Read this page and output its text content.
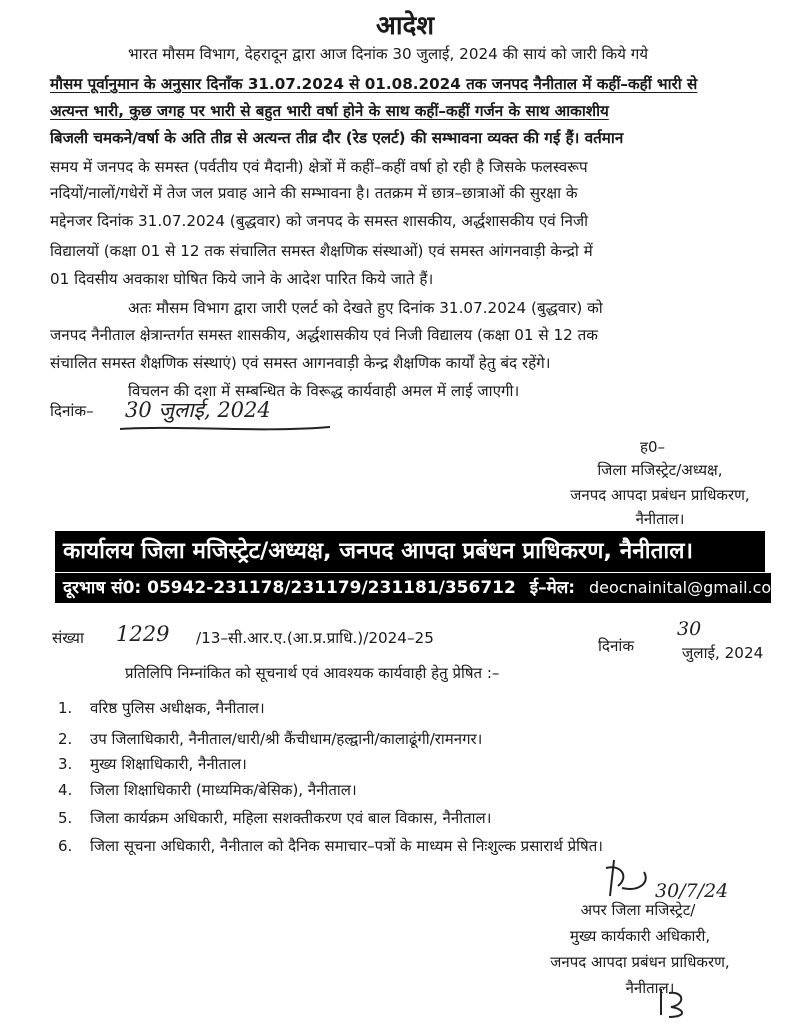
आदेश
भारत मौसम विभाग, देहरादून द्वारा आज दिनांक 30 जुलाई, 2024 की सायं को जारी किये गये
मौसम पूर्वानुमान के अनुसार दिनाँक 31.07.2024 से 01.08.2024 तक जनपद नैनीताल में कहीं–कहीं भारी से
अत्यन्त भारी, कुछ जगह पर भारी से बहुत भारी वर्षा होने के साथ कहीं–कहीं गर्जन के साथ आकाशीय
बिजली चमकने/वर्षा के अति तीव्र से अत्यन्त तीव्र दौर (रेड एलर्ट) की सम्भावना व्यक्त की गई हैं। वर्तमान
समय में जनपद के समस्त (पर्वतीय एवं मैदानी) क्षेत्रों में कहीं–कहीं वर्षा हो रही है जिसके फलस्वरूप
नदियों/नालों/गधेरों में तेज जल प्रवाह आने की सम्भावना है। ततक्रम में छात्र–छात्राओं की सुरक्षा के
मद्देनजर दिनांक 31.07.2024 (बुद्धवार) को जनपद के समस्त शासकीय, अर्द्धशासकीय एवं निजी
विद्यालयों (कक्षा 01 से 12 तक संचालित समस्त शैक्षणिक संस्थाओं) एवं समस्त आंगनवाड़ी केन्द्रो में
01 दिवसीय अवकाश घोषित किये जाने के आदेश पारित किये जाते हैं।
अतः मौसम विभाग द्वारा जारी एलर्ट को देखते हुए दिनांक 31.07.2024 (बुद्धवार) को
जनपद नैनीताल क्षेत्रान्तर्गत समस्त शासकीय, अर्द्धशासकीय एवं निजी विद्यालय (कक्षा 01 से 12 तक
संचालित समस्त शैक्षणिक संस्थाएं) एवं समस्त आगनवाड़ी केन्द्र शैक्षणिक कार्यों हेतु बंद रहेंगे।
विचलन की दशा में सम्बन्धित के विरूद्ध कार्यवाही अमल में लाई जाएगी।
दिनांक– 30 जुलाई, 2024
ह0–
जिला मजिस्ट्रेट/अध्यक्ष,
जनपद आपदा प्रबंधन प्राधिकरण,
नैनीताल।
कार्यालय जिला मजिस्ट्रेट/अध्यक्ष, जनपद आपदा प्रबंधन प्राधिकरण, नैनीताल।
दूरभाष सं0: 05942-231178/231179/231181/356712 ई–मेल: deocnainital@gmail.com
संख्या 1229 /13–सी.आर.ए.(आ.प्र.प्राधि.)/2024–25	दिनांक
30
जुलाई, 2024
प्रतिलिपि निम्नांकित को सूचनार्थ एवं आवश्यक कार्यवाही हेतु प्रेषित :–
1. वरिष्ठ पुलिस अधीक्षक, नैनीताल।
2. उप जिलाधिकारी, नैनीताल/धारी/श्री कैंचीधाम/हल्द्वानी/कालाढूंगी/रामनगर।
3. मुख्य शिक्षाधिकारी, नैनीताल।
4. जिला शिक्षाधिकारी (माध्यमिक/बेसिक), नैनीताल।
5. जिला कार्यक्रम अधिकारी, महिला सशक्तीकरण एवं बाल विकास, नैनीताल।
6. जिला सूचना अधिकारी, नैनीताल को दैनिक समाचार–पत्रों के माध्यम से निःशुल्क प्रसारार्थ प्रेषित।
30/7/24
अपर जिला मजिस्ट्रेट/
मुख्य कार्यकारी अधिकारी,
जनपद आपदा प्रबंधन प्राधिकरण,
नैनीताल।
